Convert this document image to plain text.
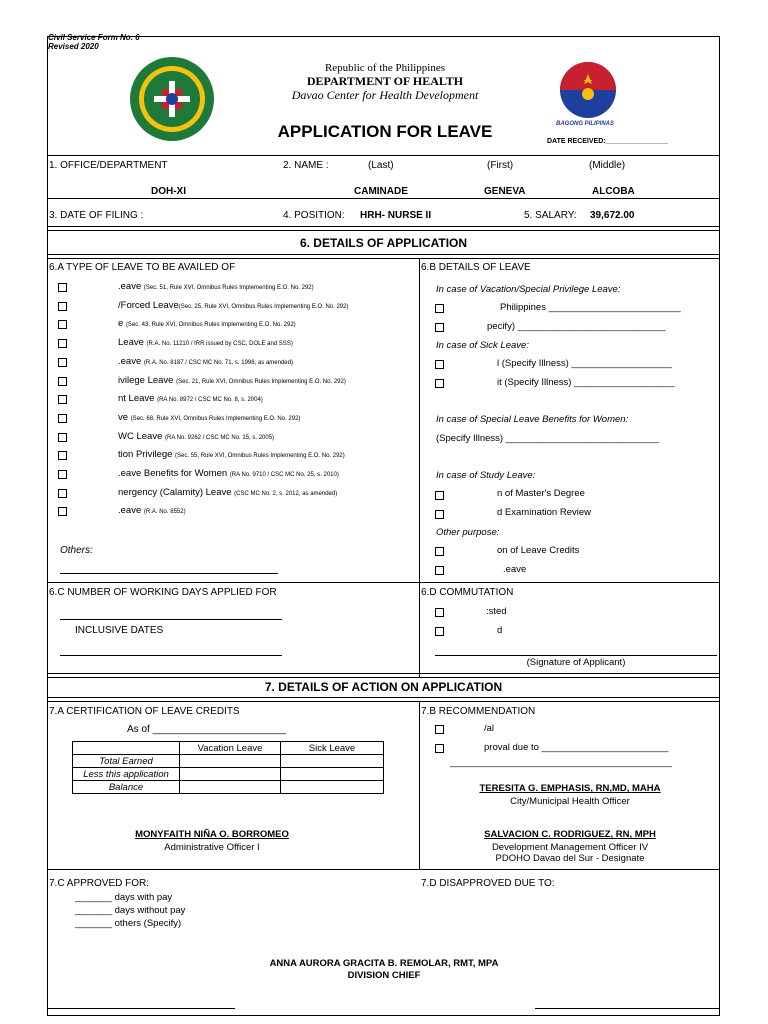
Civil Service Form No. 6
Revised 2020
Republic of the Philippines
DEPARTMENT OF HEALTH
Davao Center for Health Development
APPLICATION FOR LEAVE	BAGONG PILIPINAS
DATE RECEIVED:________________
1. OFFICE/DEPARTMENT	2. NAME :	(Last)	(First)	(Middle)
DOH-XI	CAMINADE	GENEVA	ALCOBA
3. DATE OF FILING :	4. POSITION: HRH- NURSE II	5. SALARY: 39,672.00
6. DETAILS OF APPLICATION
6.A TYPE OF LEAVE TO BE AVAILED OF
.eave (Sec. 51, Rule XVI, Omnibus Rules Implementing E.O. No. 292)
/Forced Leave(Sec. 25, Rule XVI, Omnibus Rules Implementing E.O. No. 292)
e (Sec. 43, Rule XVI, Omnibus Rules Implementing E.O. No. 292)
Leave (R.A. No. 11210 / IRR issued by CSC, DOLE and SSS)
.eave (R.A. No. 8187 / CSC MC No. 71, s. 1998, as amended)
ivilege Leave (Sec. 21, Rule XVI, Omnibus Rules Implementing E.O. No. 292)
nt Leave (RA No. 8972 / CSC MC No. 8, s. 2004)
ve (Sec. 68, Rule XVI, Omnibus Rules Implementing E.O. No. 292)
WC Leave (RA No. 9262 / CSC MC No. 15, s. 2005)
tion Privilege (Sec. 55, Rule XVI, Omnibus Rules Implementing E.O. No. 292)
.eave Benefits for Women (RA No. 9710 / CSC MC No. 25, s. 2010)
nergency (Calamity) Leave (CSC MC No. 2, s. 2012, as amended)
.eave (R.A. No. 8552)
Others:
6.B DETAILS OF LEAVE
In case of Vacation/Special Privilege Leave:
Philippines _________________________
pecify) ____________________________
In case of Sick Leave:
l (Specify Illness) ___________________
it (Specify Illness) ___________________
In case of Special Leave Benefits for Women:
(Specify Illness) _____________________________
In case of Study Leave:
n of Master's Degree
d Examination Review
Other purpose:
on of Leave Credits
.eave
6.C NUMBER OF WORKING DAYS APPLIED FOR
INCLUSIVE DATES
6.D COMMUTATION
:sted
d
(Signature of Applicant)
7. DETAILS OF ACTION ON APPLICATION
7.A CERTIFICATION OF LEAVE CREDITS
As of ________________________
	Vacation Leave	Sick Leave
Total Earned		
Less this application		
Balance		
MONYFAITH NIÑA O. BORROMEO
Administrative Officer I
7.B RECOMMENDATION
/al
proval due to ________________________
__________________________________________
TERESITA G. EMPHASIS, RN,MD, MAHA
City/Municipal Health Officer
SALVACION C. RODRIGUEZ, RN, MPH
Development Management Officer IV
PDOHO Davao del Sur - Designate
7.C APPROVED FOR:
_______ days with pay
_______ days without pay
_______ others (Specify)
7.D DISAPPROVED DUE TO:
ANNA AURORA GRACITA B. REMOLAR, RMT, MPA
DIVISION CHIEF
